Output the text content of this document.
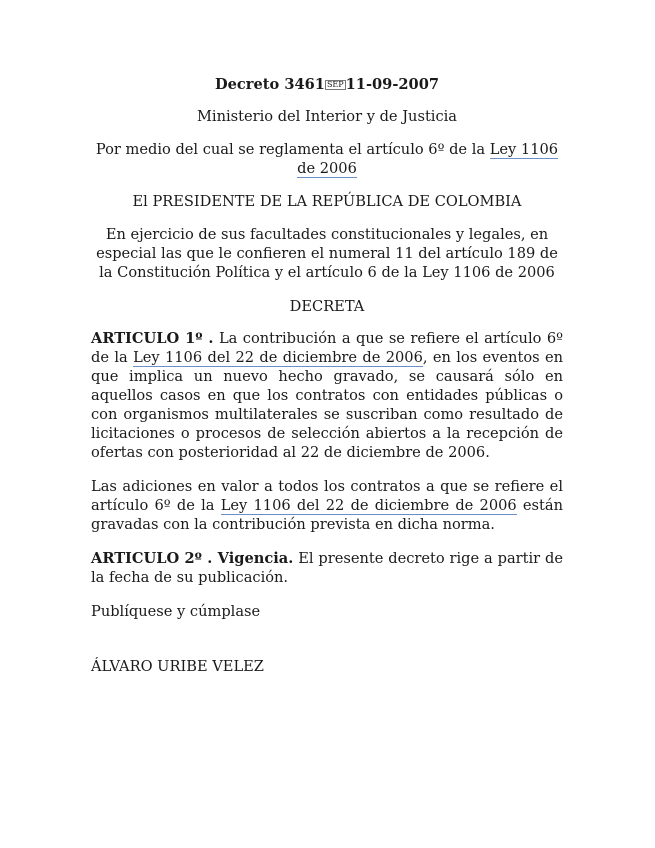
Decreto 3461 SEP 11-09-2007

Ministerio del Interior y de Justicia

Por medio del cual se reglamenta el artículo 6º de la Ley 1106 de 2006

El PRESIDENTE DE LA REPÚBLICA DE COLOMBIA

En ejercicio de sus facultades constitucionales y legales, en especial las que le confieren el numeral 11 del artículo 189 de la Constitución Política y el artículo 6 de la Ley 1106 de 2006

DECRETA

ARTICULO 1º . La contribución a que se refiere el artículo 6º de la Ley 1106 del 22 de diciembre de 2006, en los eventos en que implica un nuevo hecho gravado, se causará sólo en aquellos casos en que los contratos con entidades públicas o con organismos multilaterales se suscriban como resultado de licitaciones o procesos de selección abiertos a la recepción de ofertas con posterioridad al 22 de diciembre de 2006.

Las adiciones en valor a todos los contratos a que se refiere el artículo 6º de la Ley 1106 del 22 de diciembre de 2006 están gravadas con la contribución prevista en dicha norma.

ARTICULO 2º . Vigencia. El presente decreto rige a partir de la fecha de su publicación.

Publíquese y cúmplase

ÁLVARO URIBE VELEZ
